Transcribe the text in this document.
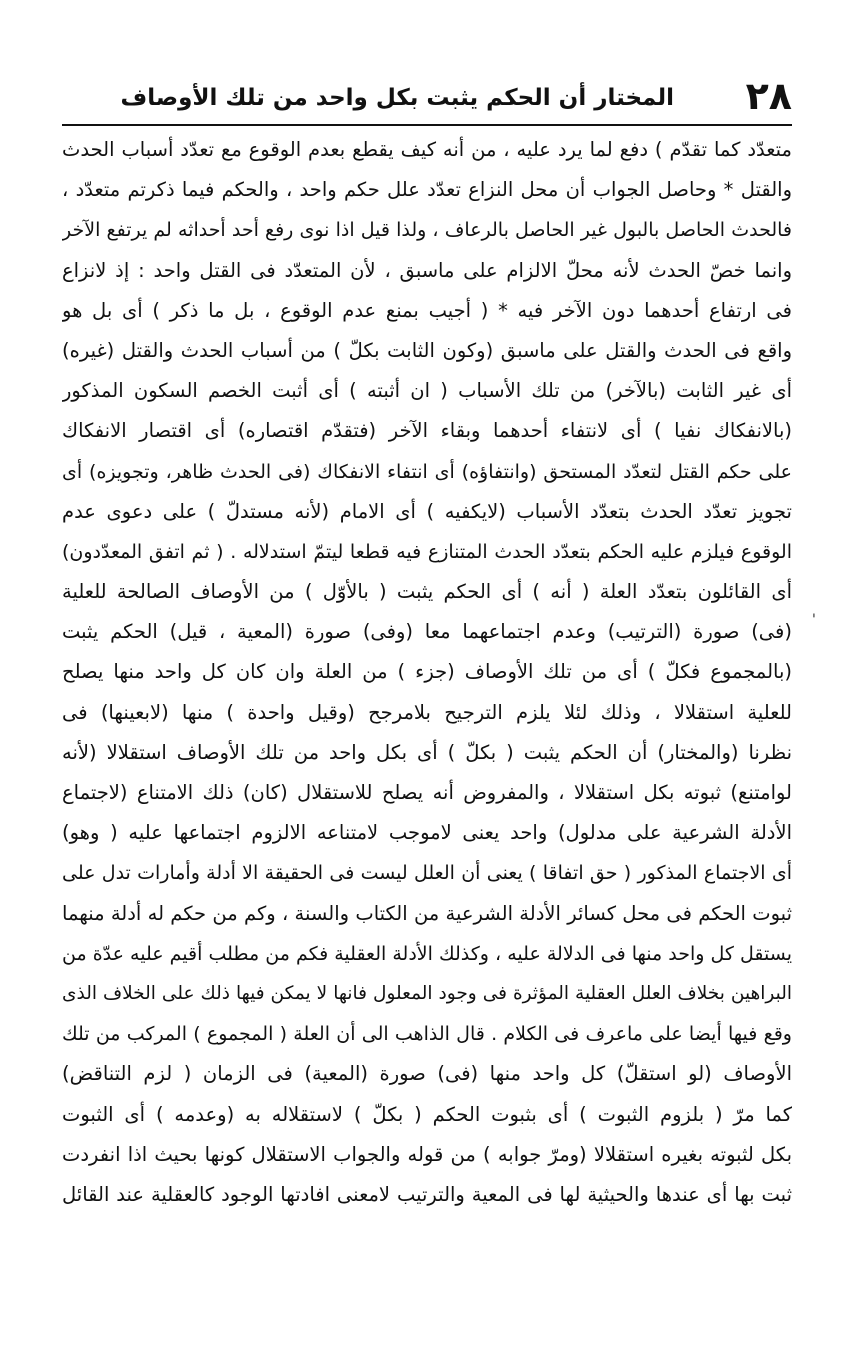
٢٨
المختار أن الحكم يثبت بكل واحد من تلك الأوصاف
متعدّد كما تقدّم ) دفع لما يرد عليه ، من أنه كيف يقطع بعدم الوقوع مع تعدّد أسباب الحدث
والقتل * وحاصل الجواب أن محل النزاع تعدّد علل حكم واحد ، والحكم فيما ذكرتم متعدّد ،
فالحدث الحاصل بالبول غير الحاصل بالرعاف ، ولذا قيل اذا نوى رفع أحد أحداثه لم يرتفع الآخر
وانما خصّ الحدث لأنه محلّ الالزام على ماسبق ، لأن المتعدّد فى القتل واحد : إذ لانزاع
فى ارتفاع أحدهما دون الآخر فيه * ( أجيب بمنع عدم الوقوع ، بل ما ذكر ) أى بل هو
واقع فى الحدث والقتل على ماسبق (وكون الثابت بكلّ ) من أسباب الحدث والقتل (غيره)
أى غير الثابت (بالآخر) من تلك الأسباب ( ان أثبته ) أى أثبت الخصم السكون المذكور
(بالانفكاك نفيا ) أى لانتفاء أحدهما وبقاء الآخر (فتقدّم اقتصاره) أى اقتصار الانفكاك
على حكم القتل لتعدّد المستحق (وانتفاؤه) أى انتفاء الانفكاك (فى الحدث ظاهر، وتجويزه) أى
تجويز تعدّد الحدث بتعدّد الأسباب (لايكفيه ) أى الامام (لأنه مستدلّ ) على دعوى عدم
الوقوع فيلزم عليه الحكم بتعدّد الحدث المتنازع فيه قطعا ليتمّ استدلاله . ( ثم اتفق المعدّدون)
أى القائلون بتعدّد العلة ( أنه ) أى الحكم يثبت ( بالأوّل ) من الأوصاف الصالحة للعلية
(فى) صورة (الترتيب) وعدم اجتماعهما معا (وفى) صورة (المعية ، قيل) الحكم يثبت
(بالمجموع فكلّ ) أى من تلك الأوصاف (جزء ) من العلة وان كان كل واحد منها يصلح
للعلية استقلالا ، وذلك لئلا يلزم الترجيح بلامرجح (وقيل واحدة ) منها (لابعينها) فى
نظرنا (والمختار) أن الحكم يثبت ( بكلّ ) أى بكل واحد من تلك الأوصاف استقلالا (لأنه
لوامتنع) ثبوته بكل استقلالا ، والمفروض أنه يصلح للاستقلال (كان) ذلك الامتناع (لاجتماع
الأدلة الشرعية على مدلول) واحد يعنى لاموجب لامتناعه الالزوم اجتماعها عليه ( وهو)
أى الاجتماع المذكور ( حق اتفاقا ) يعنى أن العلل ليست فى الحقيقة الا أدلة وأمارات تدل على
ثبوت الحكم فى محل كسائر الأدلة الشرعية من الكتاب والسنة ، وكم من حكم له أدلة منهما
يستقل كل واحد منها فى الدلالة عليه ، وكذلك الأدلة العقلية فكم من مطلب أقيم عليه عدّة من
البراهين بخلاف العلل العقلية المؤثرة فى وجود المعلول فانها لا يمكن فيها ذلك على الخلاف الذى
وقع فيها أيضا على ماعرف فى الكلام . قال الذاهب الى أن العلة ( المجموع ) المركب من تلك
الأوصاف (لو استقلّ) كل واحد منها (فى) صورة (المعية) فى الزمان ( لزم التناقض)
كما مرّ ( بلزوم الثبوت ) أى بثبوت الحكم ( بكلّ ) لاستقلاله به (وعدمه ) أى الثبوت
بكل لثبوته بغيره استقلالا (ومرّ جوابه ) من قوله والجواب الاستقلال كونها بحيث اذا انفردت
ثبت بها أى عندها والحيثية لها فى المعية والترتيب لامعنى افادتها الوجود كالعقلية عند القائل
'
